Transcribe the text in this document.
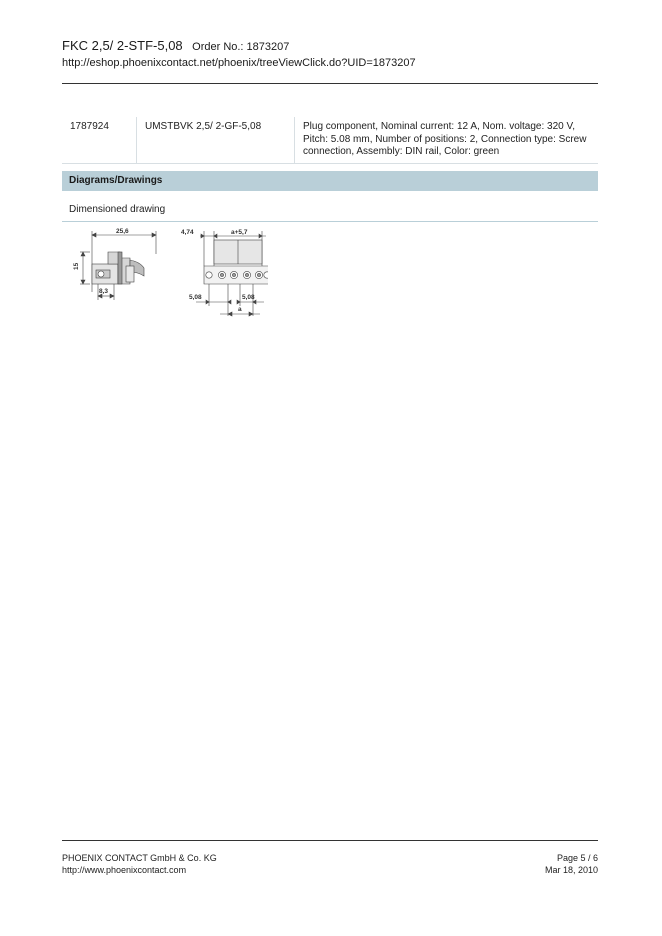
FKC 2,5/ 2-STF-5,08 Order No.: 1873207
http://eshop.phoenixcontact.net/phoenix/treeViewClick.do?UID=1873207
1787924	UMSTBVK 2,5/ 2-GF-5,08	Plug component, Nominal current: 12 A, Nom. voltage: 320 V,
Pitch: 5.08 mm, Number of positions: 2, Connection type: Screw
connection, Assembly: DIN rail, Color: green
Diagrams/Drawings
Dimensioned drawing
25,6
15
8,3
4,74	a+5,7
5,08	5,08
a
PHOENIX CONTACT GmbH & Co. KG
http://www.phoenixcontact.com
Page 5 / 6
Mar 18, 2010
